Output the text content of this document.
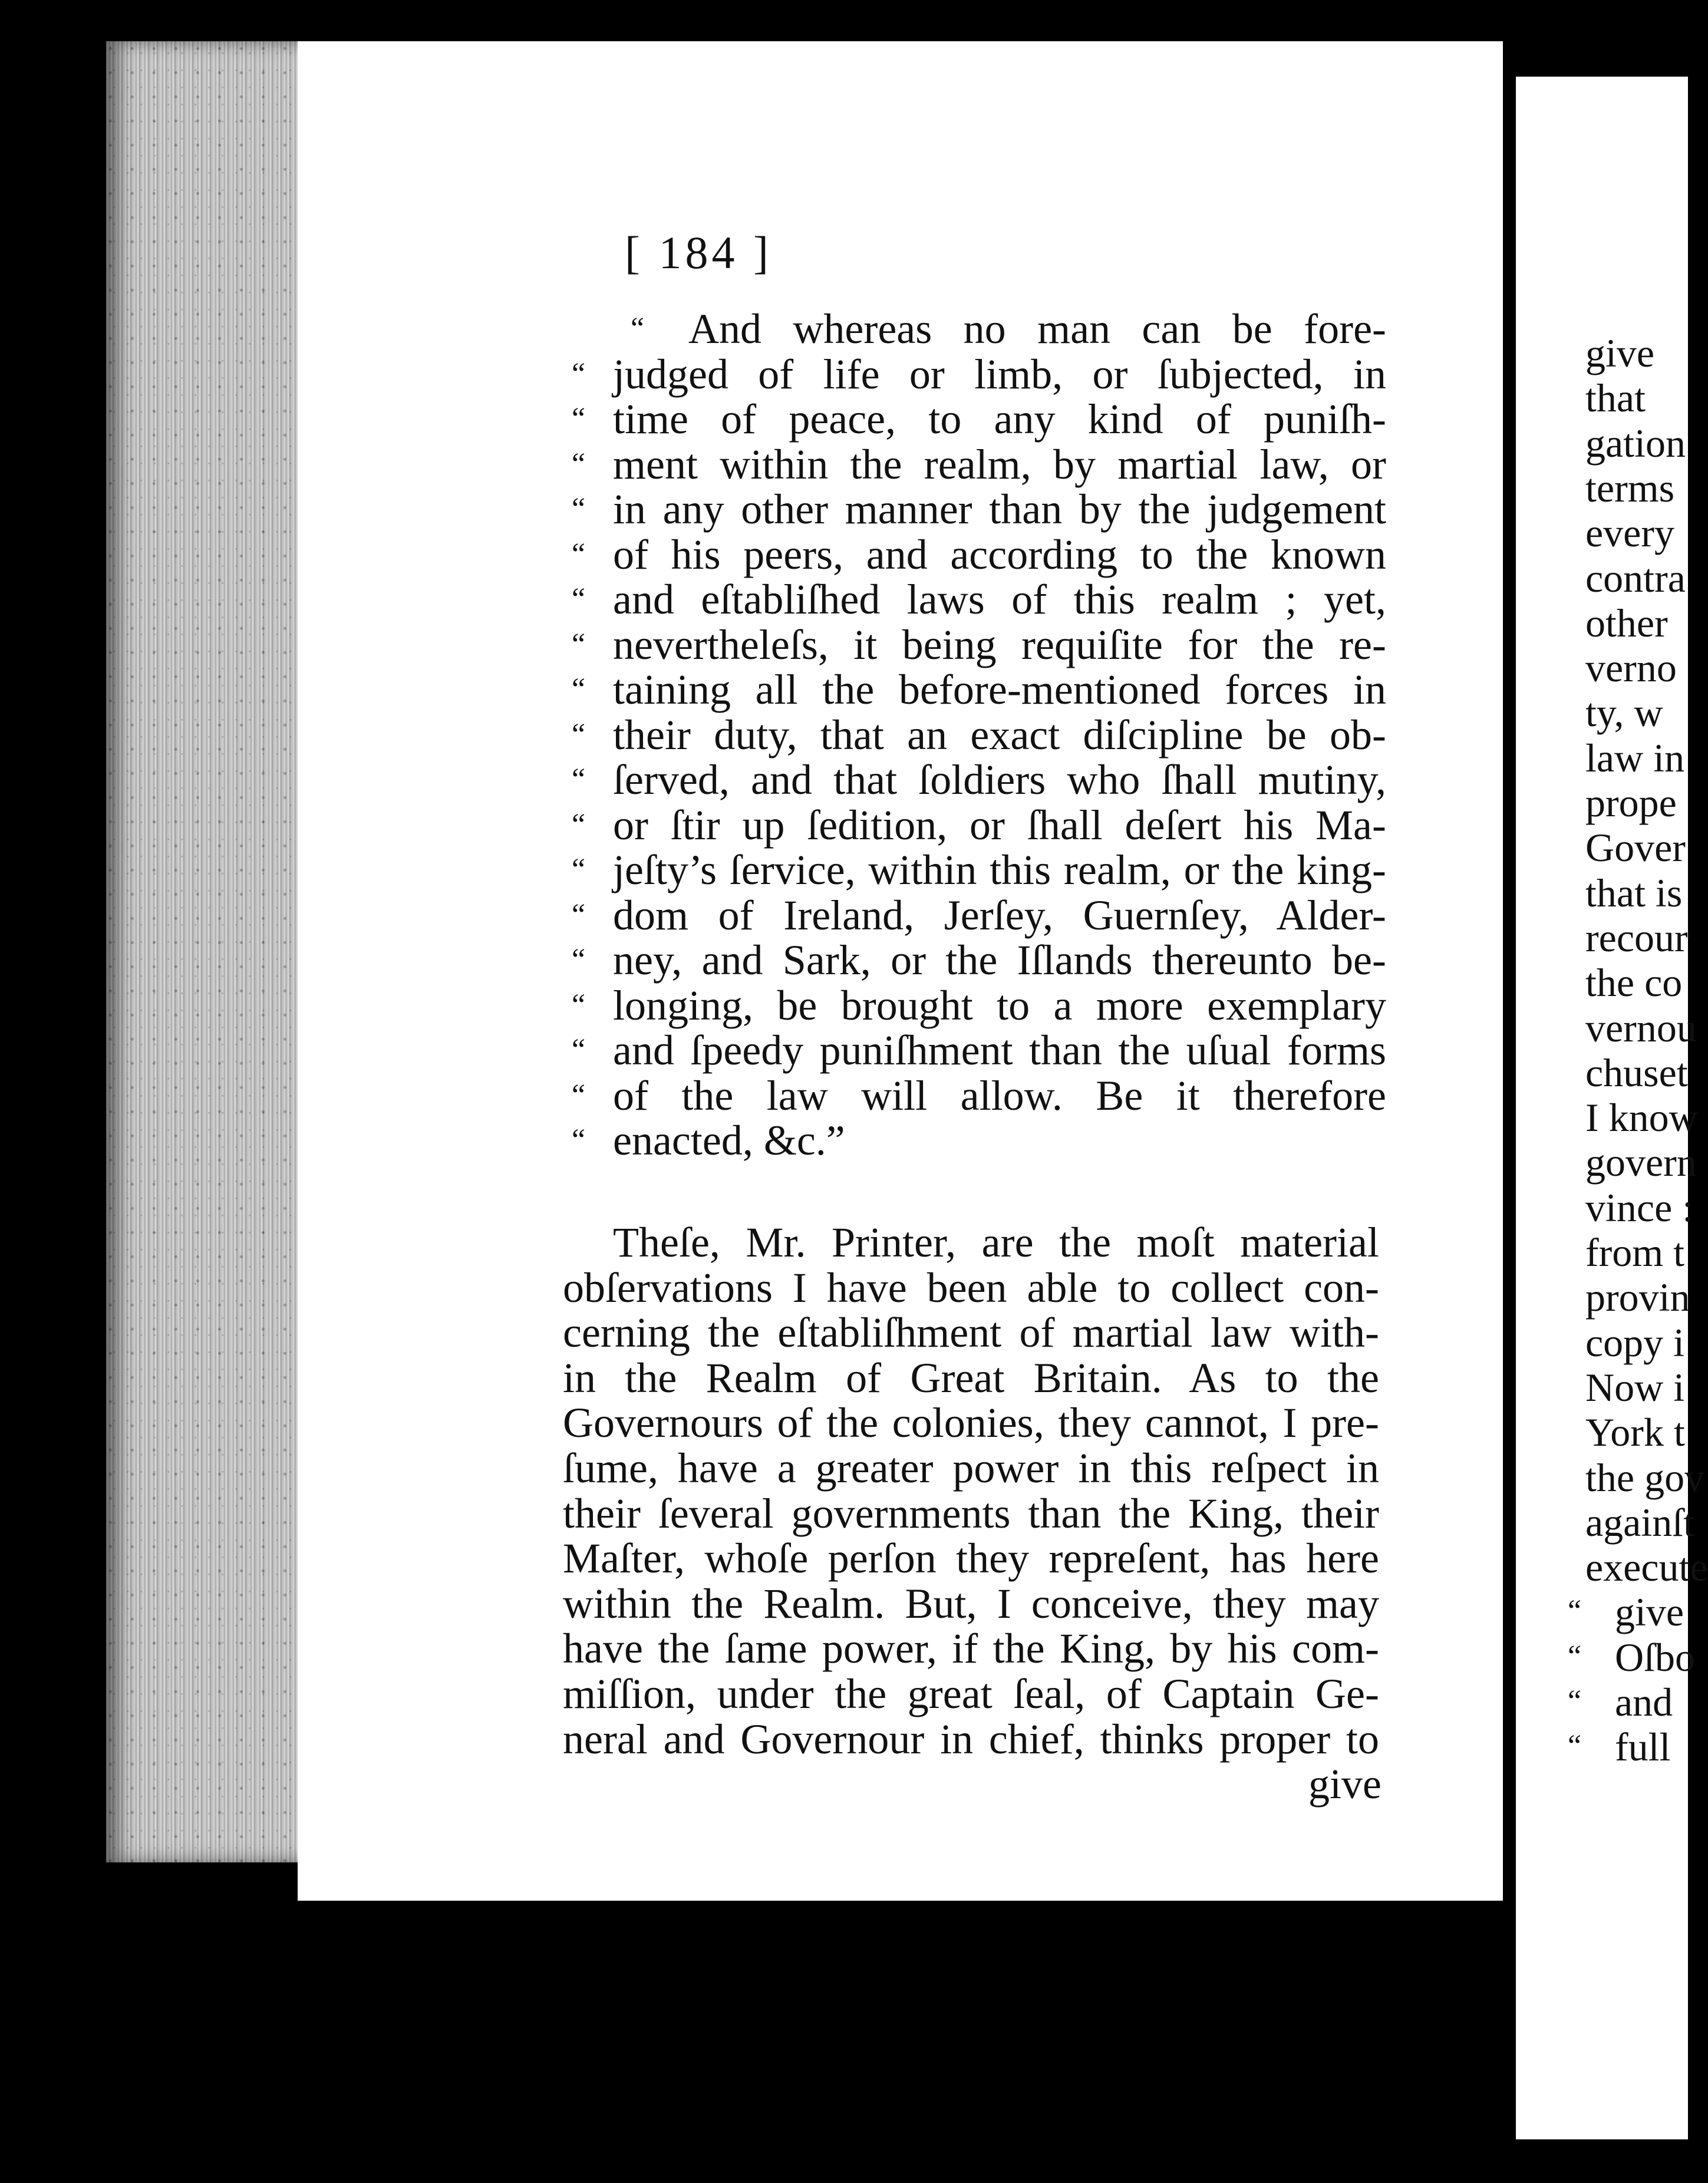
[ 184 ]
“ And whereas no man can be fore-
“ judged of life or limb, or ſubjected, in
“ time of peace, to any kind of puniſh-
“ ment within the realm, by martial law, or
“ in any other manner than by the judgement
“ of his peers, and according to the known
“ and eſtabliſhed laws of this realm ; yet,
“ nevertheleſs, it being requiſite for the re-
“ taining all the before-mentioned forces in
“ their duty, that an exact diſcipline be ob-
“ ſerved, and that ſoldiers who ſhall mutiny,
“ or ſtir up ſedition, or ſhall deſert his Ma-
“ jeſty’s ſervice, within this realm, or the king-
“ dom of Ireland, Jerſey, Guernſey, Alder-
“ ney, and Sark, or the Iſlands thereunto be-
“ longing, be brought to a more exemplary
“ and ſpeedy puniſhment than the uſual forms
“ of the law will allow. Be it therefore
“ enacted, &c.”
Theſe, Mr. Printer, are the moſt material
obſervations I have been able to collect con-
cerning the eſtabliſhment of martial law with-
in the Realm of Great Britain. As to the
Governours of the colonies, they cannot, I pre-
ſume, have a greater power in this reſpect in
their ſeveral governments than the King, their
Maſter, whoſe perſon they repreſent, has here
within the Realm. But, I conceive, they may
have the ſame power, if the King, by his com-
miſſion, under the great ſeal, of Captain Ge-
neral and Governour in chief, thinks proper to
give
give
that
gation
terms
every
contra
other
verno
ty, w
law in
prope
Gover
that is
recour
the co
vernou
chuset
I know
govern
vince :
from t
provin
copy i
Now i
York t
the gov
againſt
execute
“ give
“ Oſbo
“ and
“ full
